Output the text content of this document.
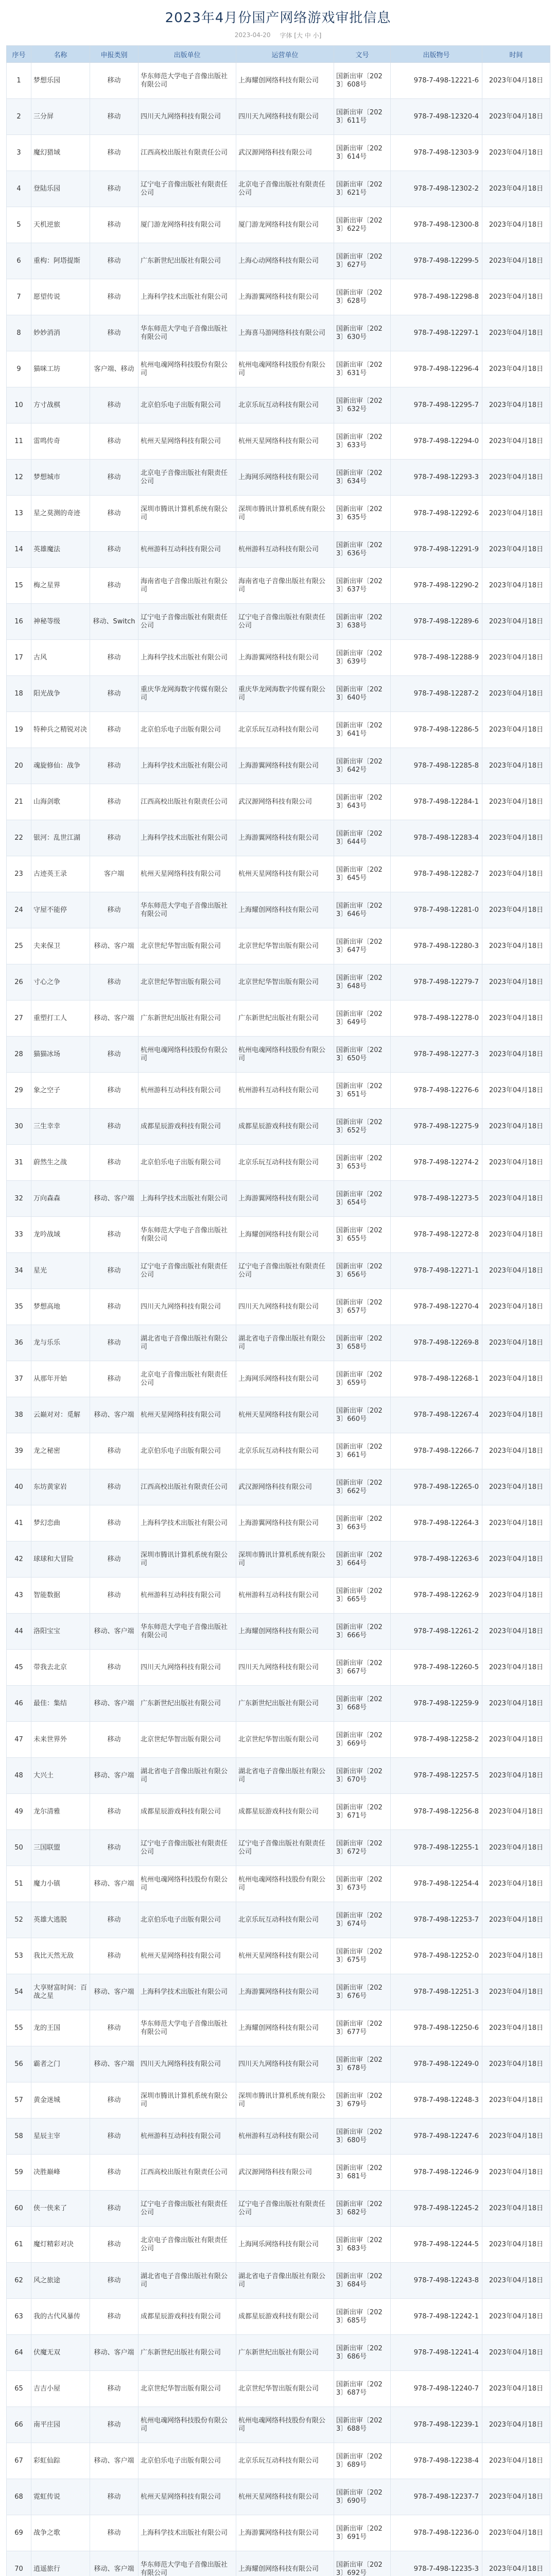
2023年4月份国产网络游戏审批信息
2023-04-20 字体 [大 中 小]
序号	名称	申报类别	出版单位	运营单位	文号	出版物号	时间
1	梦想乐园	移动	华东师范大学电子音像出版社有限公司	上海耀创网络科技有限公司	国新出审〔2023〕608号	978-7-498-12221-6	2023年04月18日
2	三分屏	移动	四川天九网络科技有限公司	四川天九网络科技有限公司	国新出审〔2023〕611号	978-7-498-12320-4	2023年04月18日
3	魔幻猎域	移动	江西高校出版社有限责任公司	武汉源网络科技有限公司	国新出审〔2023〕614号	978-7-498-12303-9	2023年04月18日
4	登陆乐园	移动	辽宁电子音像出版社有限责任公司	北京电子音像出版社有限责任公司	国新出审〔2023〕621号	978-7-498-12302-2	2023年04月18日
5	天机逆旅	移动	厦门游龙网络科技有限公司	厦门游龙网络科技有限公司	国新出审〔2023〕622号	978-7-498-12300-8	2023年04月18日
6	重构：阿塔提斯	移动	广东新世纪出版社有限公司	上海心动网络科技有限公司	国新出审〔2023〕627号	978-7-498-12299-5	2023年04月18日
7	愿望传说	移动	上海科学技术出版社有限公司	上海游翼网络科技有限公司	国新出审〔2023〕628号	978-7-498-12298-8	2023年04月18日
8	妙妙消消	移动	华东师范大学电子音像出版社有限公司	上海喜马游网络科技有限公司	国新出审〔2023〕630号	978-7-498-12297-1	2023年04月18日
9	猫咪工坊	客户端、移动	杭州电魂网络科技股份有限公司	杭州电魂网络科技股份有限公司	国新出审〔2023〕631号	978-7-498-12296-4	2023年04月18日
10	方寸战棋	移动	北京伯乐电子出版有限公司	北京乐玩互动科技有限公司	国新出审〔2023〕632号	978-7-498-12295-7	2023年04月18日
11	雷鸣传奇	移动	杭州天星网络科技有限公司	杭州天星网络科技有限公司	国新出审〔2023〕633号	978-7-498-12294-0	2023年04月18日
12	梦想城市	移动	北京电子音像出版社有限责任公司	上海网乐网络科技有限公司	国新出审〔2023〕634号	978-7-498-12293-3	2023年04月18日
13	星之莫测的奇迹	移动	深圳市腾讯计算机系统有限公司	深圳市腾讯计算机系统有限公司	国新出审〔2023〕635号	978-7-498-12292-6	2023年04月18日
14	英雄魔法	移动	杭州游科互动科技有限公司	杭州游科互动科技有限公司	国新出审〔2023〕636号	978-7-498-12291-9	2023年04月18日
15	梅之星界	移动	海南省电子音像出版社有限公司	海南省电子音像出版社有限公司	国新出审〔2023〕637号	978-7-498-12290-2	2023年04月18日
16	神秘等级	移动、Switch	辽宁电子音像出版社有限责任公司	辽宁电子音像出版社有限责任公司	国新出审〔2023〕638号	978-7-498-12289-6	2023年04月18日
17	古风	移动	上海科学技术出版社有限公司	上海游翼网络科技有限公司	国新出审〔2023〕639号	978-7-498-12288-9	2023年04月18日
18	阳光战争	移动	重庆华龙网海数字传媒有限公司	重庆华龙网海数字传媒有限公司	国新出审〔2023〕640号	978-7-498-12287-2	2023年04月18日
19	特种兵之精锐对决	移动	北京伯乐电子出版有限公司	北京乐玩互动科技有限公司	国新出审〔2023〕641号	978-7-498-12286-5	2023年04月18日
20	魂旋修仙：战争	移动	上海科学技术出版社有限公司	上海游翼网络科技有限公司	国新出审〔2023〕642号	978-7-498-12285-8	2023年04月18日
21	山海剑歌	移动	江西高校出版社有限责任公司	武汉源网络科技有限公司	国新出审〔2023〕643号	978-7-498-12284-1	2023年04月18日
22	银河：乱世江湖	移动	上海科学技术出版社有限公司	上海游翼网络科技有限公司	国新出审〔2023〕644号	978-7-498-12283-4	2023年04月18日
23	古迹英王录	客户端	杭州天星网络科技有限公司	杭州天星网络科技有限公司	国新出审〔2023〕645号	978-7-498-12282-7	2023年04月18日
24	守屋不能停	移动	华东师范大学电子音像出版社有限公司	上海耀创网络科技有限公司	国新出审〔2023〕646号	978-7-498-12281-0	2023年04月18日
25	夫来保卫	移动、客户端	北京世纪华智出版有限公司	北京世纪华智出版有限公司	国新出审〔2023〕647号	978-7-498-12280-3	2023年04月18日
26	寸心之争	移动	北京世纪华智出版有限公司	北京世纪华智出版有限公司	国新出审〔2023〕648号	978-7-498-12279-7	2023年04月18日
27	重塑打工人	移动、客户端	广东新世纪出版社有限公司	广东新世纪出版社有限公司	国新出审〔2023〕649号	978-7-498-12278-0	2023年04月18日
28	猫猫冰场	移动	杭州电魂网络科技股份有限公司	杭州电魂网络科技股份有限公司	国新出审〔2023〕650号	978-7-498-12277-3	2023年04月18日
29	象之空子	移动	杭州游科互动科技有限公司	杭州游科互动科技有限公司	国新出审〔2023〕651号	978-7-498-12276-6	2023年04月18日
30	三生幸幸	移动	成都星辰游戏科技有限公司	成都星辰游戏科技有限公司	国新出审〔2023〕652号	978-7-498-12275-9	2023年04月18日
31	蔚然生之战	移动	北京伯乐电子出版有限公司	北京乐玩互动科技有限公司	国新出审〔2023〕653号	978-7-498-12274-2	2023年04月18日
32	万向森森	移动、客户端	上海科学技术出版社有限公司	上海游翼网络科技有限公司	国新出审〔2023〕654号	978-7-498-12273-5	2023年04月18日
33	龙吟战域	移动	华东师范大学电子音像出版社有限公司	上海耀创网络科技有限公司	国新出审〔2023〕655号	978-7-498-12272-8	2023年04月18日
34	星光	移动	辽宁电子音像出版社有限责任公司	辽宁电子音像出版社有限责任公司	国新出审〔2023〕656号	978-7-498-12271-1	2023年04月18日
35	梦想高地	移动	四川天九网络科技有限公司	四川天九网络科技有限公司	国新出审〔2023〕657号	978-7-498-12270-4	2023年04月18日
36	龙与乐乐	移动	湖北省电子音像出版社有限公司	湖北省电子音像出版社有限公司	国新出审〔2023〕658号	978-7-498-12269-8	2023年04月18日
37	从那年开始	移动	北京电子音像出版社有限责任公司	上海网乐网络科技有限公司	国新出审〔2023〕659号	978-7-498-12268-1	2023年04月18日
38	云巅对对：觅解	移动、客户端	杭州天星网络科技有限公司	杭州天星网络科技有限公司	国新出审〔2023〕660号	978-7-498-12267-4	2023年04月18日
39	龙之秘密	移动	北京伯乐电子出版有限公司	北京乐玩互动科技有限公司	国新出审〔2023〕661号	978-7-498-12266-7	2023年04月18日
40	东坊黄家岩	移动	江西高校出版社有限责任公司	武汉源网络科技有限公司	国新出审〔2023〕662号	978-7-498-12265-0	2023年04月18日
41	梦幻恋曲	移动	上海科学技术出版社有限公司	上海游翼网络科技有限公司	国新出审〔2023〕663号	978-7-498-12264-3	2023年04月18日
42	球球和大冒险	移动	深圳市腾讯计算机系统有限公司	深圳市腾讯计算机系统有限公司	国新出审〔2023〕664号	978-7-498-12263-6	2023年04月18日
43	智能数据	移动	杭州游科互动科技有限公司	杭州游科互动科技有限公司	国新出审〔2023〕665号	978-7-498-12262-9	2023年04月18日
44	洛阳宝宝	移动、客户端	华东师范大学电子音像出版社有限公司	上海耀创网络科技有限公司	国新出审〔2023〕666号	978-7-498-12261-2	2023年04月18日
45	带我去北京	移动	四川天九网络科技有限公司	四川天九网络科技有限公司	国新出审〔2023〕667号	978-7-498-12260-5	2023年04月18日
46	最佳：集结	移动、客户端	广东新世纪出版社有限公司	广东新世纪出版社有限公司	国新出审〔2023〕668号	978-7-498-12259-9	2023年04月18日
47	未来世界外	移动	北京世纪华智出版有限公司	北京世纪华智出版有限公司	国新出审〔2023〕669号	978-7-498-12258-2	2023年04月18日
48	大兴土	移动、客户端	湖北省电子音像出版社有限公司	湖北省电子音像出版社有限公司	国新出审〔2023〕670号	978-7-498-12257-5	2023年04月18日
49	龙尔清雅	移动	成都星辰游戏科技有限公司	成都星辰游戏科技有限公司	国新出审〔2023〕671号	978-7-498-12256-8	2023年04月18日
50	三国联盟	移动	辽宁电子音像出版社有限责任公司	辽宁电子音像出版社有限责任公司	国新出审〔2023〕672号	978-7-498-12255-1	2023年04月18日
51	魔力小镇	移动、客户端	杭州电魂网络科技股份有限公司	杭州电魂网络科技股份有限公司	国新出审〔2023〕673号	978-7-498-12254-4	2023年04月18日
52	英雄大逃脱	移动	北京伯乐电子出版有限公司	北京乐玩互动科技有限公司	国新出审〔2023〕674号	978-7-498-12253-7	2023年04月18日
53	我比天然无敌	移动	杭州天星网络科技有限公司	杭州天星网络科技有限公司	国新出审〔2023〕675号	978-7-498-12252-0	2023年04月18日
54	大享财富时间：百战之星	移动、客户端	上海科学技术出版社有限公司	上海游翼网络科技有限公司	国新出审〔2023〕676号	978-7-498-12251-3	2023年04月18日
55	龙的王国	移动	华东师范大学电子音像出版社有限公司	上海耀创网络科技有限公司	国新出审〔2023〕677号	978-7-498-12250-6	2023年04月18日
56	霸者之门	移动、客户端	四川天九网络科技有限公司	四川天九网络科技有限公司	国新出审〔2023〕678号	978-7-498-12249-0	2023年04月18日
57	黄金迷城	移动	深圳市腾讯计算机系统有限公司	深圳市腾讯计算机系统有限公司	国新出审〔2023〕679号	978-7-498-12248-3	2023年04月18日
58	星辰主宰	移动	杭州游科互动科技有限公司	杭州游科互动科技有限公司	国新出审〔2023〕680号	978-7-498-12247-6	2023年04月18日
59	决胜巅峰	移动	江西高校出版社有限责任公司	武汉源网络科技有限公司	国新出审〔2023〕681号	978-7-498-12246-9	2023年04月18日
60	侠一侠来了	移动	辽宁电子音像出版社有限责任公司	辽宁电子音像出版社有限责任公司	国新出审〔2023〕682号	978-7-498-12245-2	2023年04月18日
61	魔灯精彩对决	移动	北京电子音像出版社有限责任公司	上海网乐网络科技有限公司	国新出审〔2023〕683号	978-7-498-12244-5	2023年04月18日
62	风之旅途	移动	湖北省电子音像出版社有限公司	湖北省电子音像出版社有限公司	国新出审〔2023〕684号	978-7-498-12243-8	2023年04月18日
63	我的古代风暴传	移动	成都星辰游戏科技有限公司	成都星辰游戏科技有限公司	国新出审〔2023〕685号	978-7-498-12242-1	2023年04月18日
64	伏魔无双	移动、客户端	广东新世纪出版社有限公司	广东新世纪出版社有限公司	国新出审〔2023〕686号	978-7-498-12241-4	2023年04月18日
65	吉吉小屋	移动	北京世纪华智出版有限公司	北京世纪华智出版有限公司	国新出审〔2023〕687号	978-7-498-12240-7	2023年04月18日
66	南平庄园	移动	杭州电魂网络科技股份有限公司	杭州电魂网络科技股份有限公司	国新出审〔2023〕688号	978-7-498-12239-1	2023年04月18日
67	彩虹仙踪	移动、客户端	北京伯乐电子出版有限公司	北京乐玩互动科技有限公司	国新出审〔2023〕689号	978-7-498-12238-4	2023年04月18日
68	霓虹传说	移动	杭州天星网络科技有限公司	杭州天星网络科技有限公司	国新出审〔2023〕690号	978-7-498-12237-7	2023年04月18日
69	战争之歌	移动	上海科学技术出版社有限公司	上海游翼网络科技有限公司	国新出审〔2023〕691号	978-7-498-12236-0	2023年04月18日
70	逍遥旅行	移动、客户端	华东师范大学电子音像出版社有限公司	上海耀创网络科技有限公司	国新出审〔2023〕692号	978-7-498-12235-3	2023年04月18日
